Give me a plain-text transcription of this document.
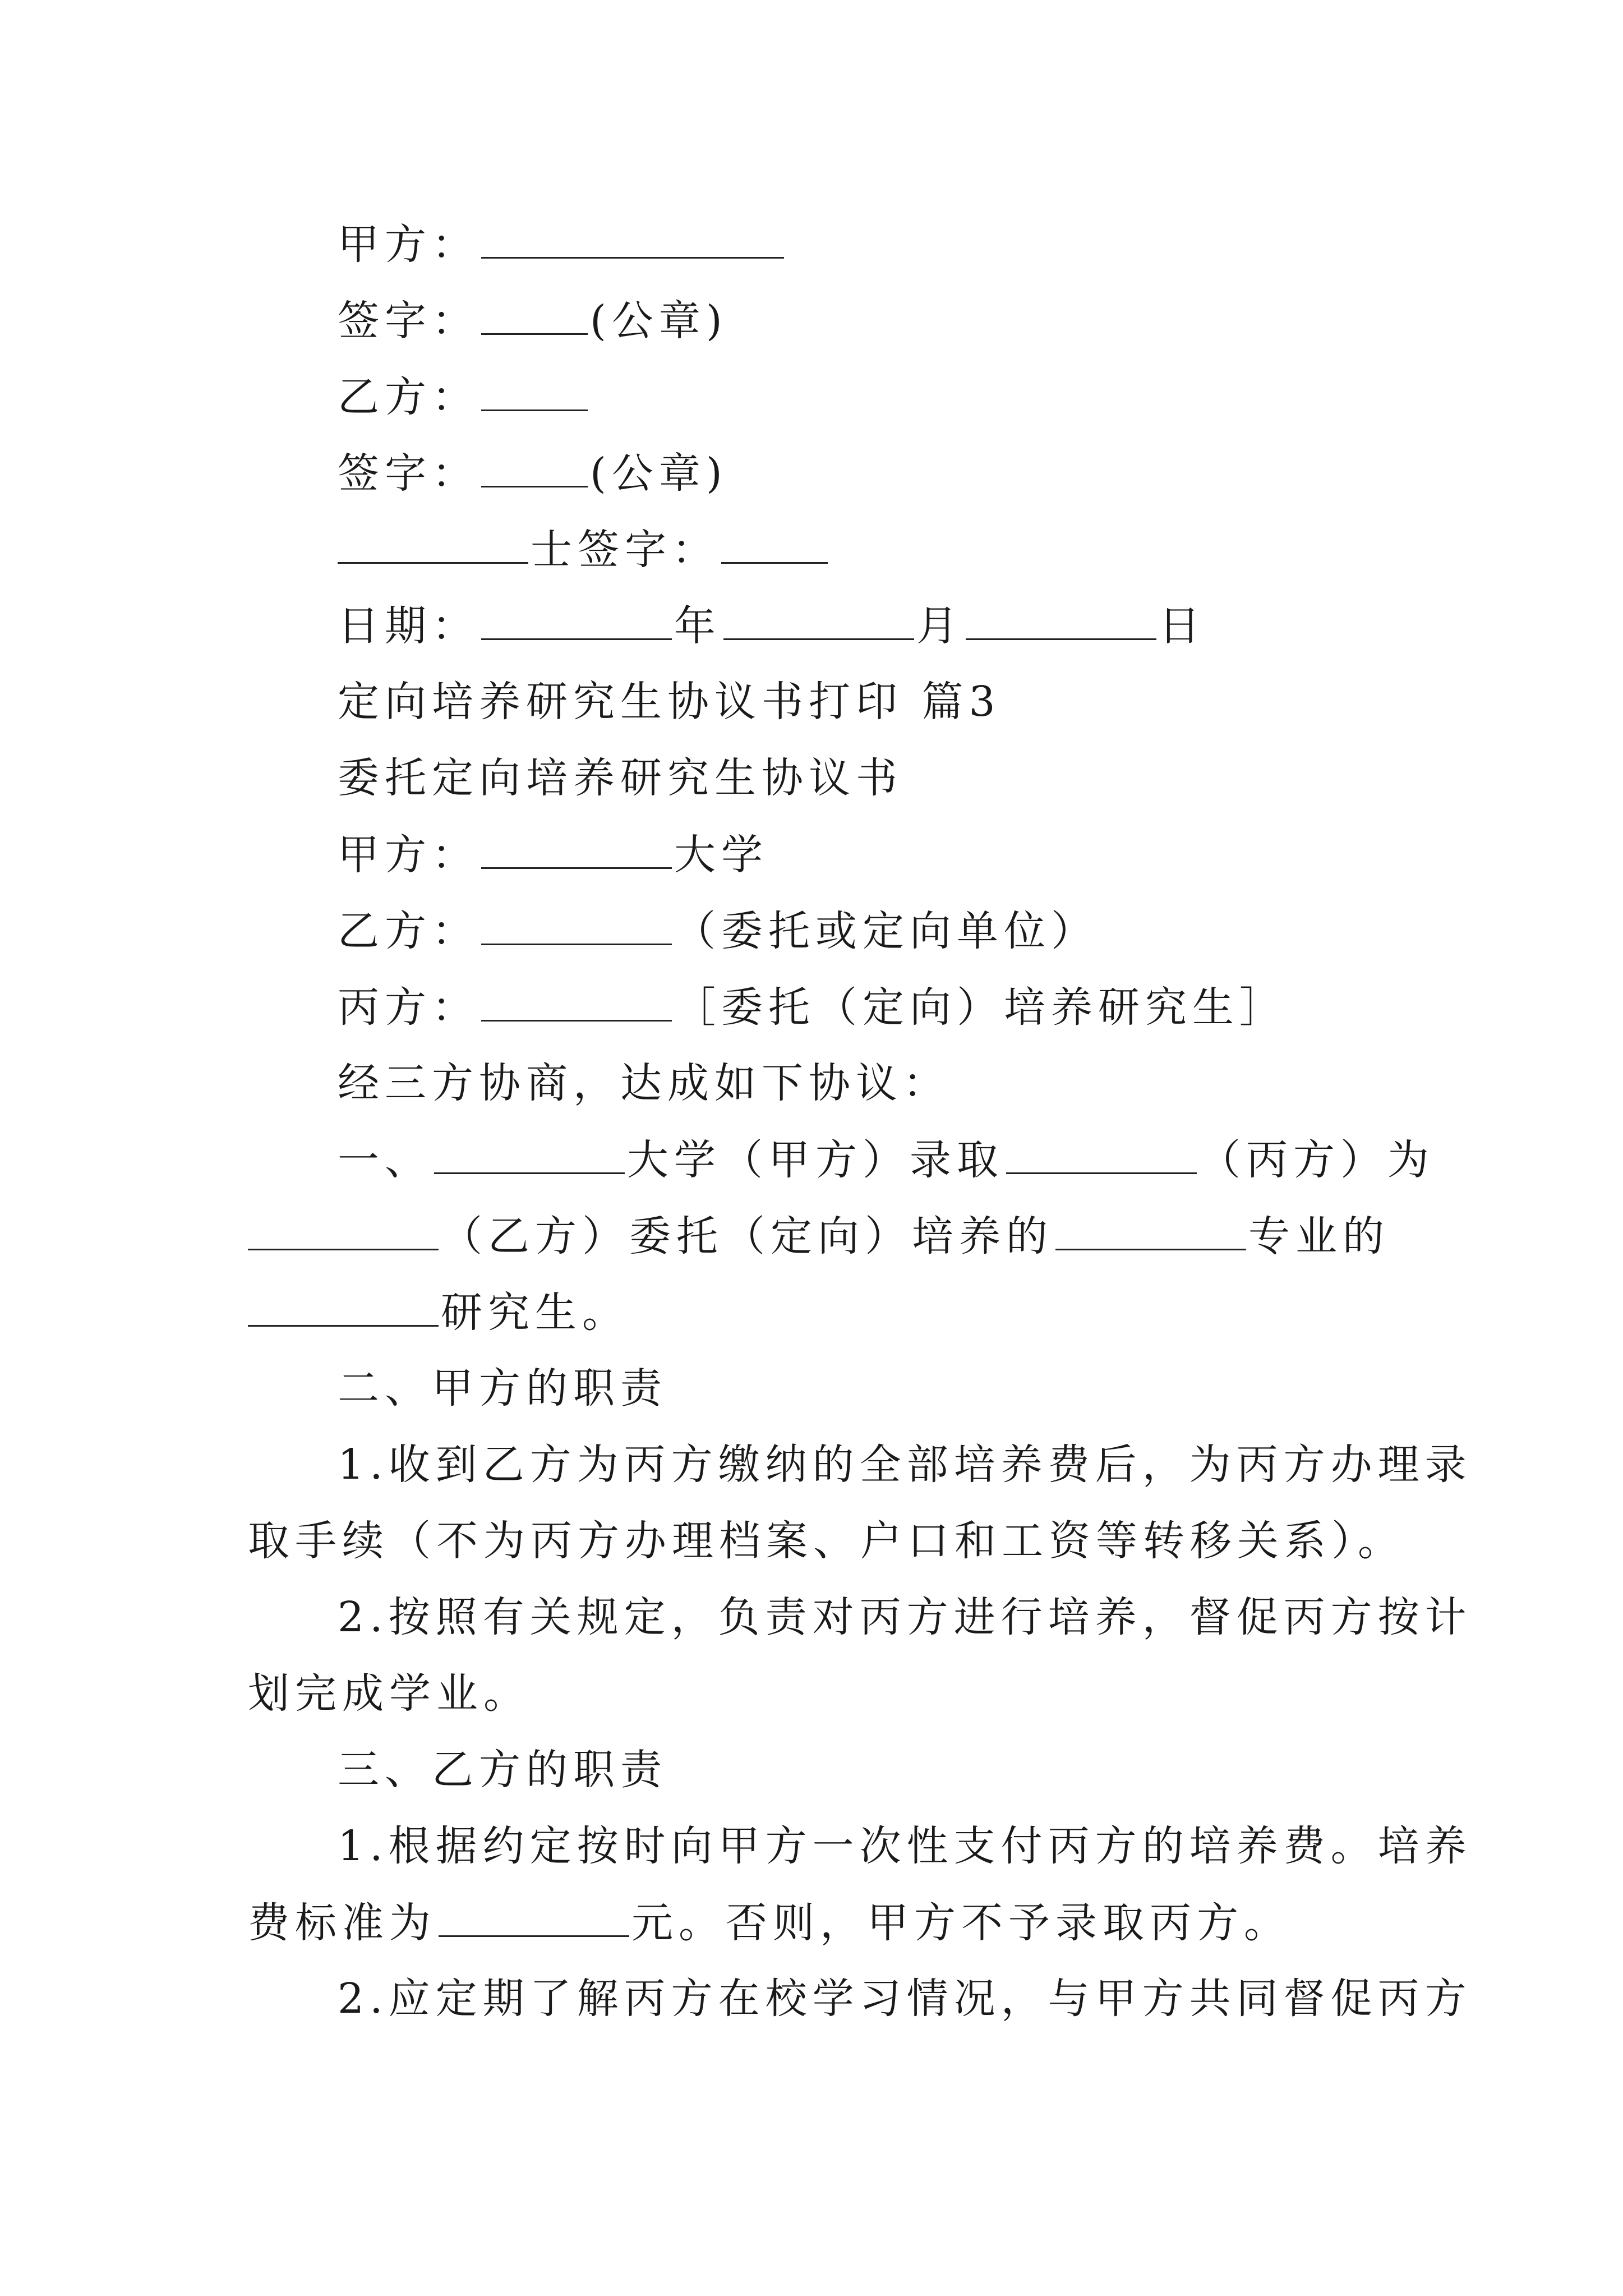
甲方：
签字：	(公章)
乙方：
签字：	(公章)
士签字：
日期：	年	月	日
定向培养研究生协议书打印 篇3
委托定向培养研究生协议书
甲方：	大学
乙方：	（委托或定向单位）
丙方：	［委托（定向）培养研究生］
经三方协商，达成如下协议：
一、	大学（甲方）录取	（丙方）为
（乙方）委托（定向）培养的	专业的
研究生。
二、甲方的职责
1.收到乙方为丙方缴纳的全部培养费后，为丙方办理录
取手续（不为丙方办理档案、户口和工资等转移关系）。
2.按照有关规定，负责对丙方进行培养，督促丙方按计
划完成学业。
三、乙方的职责
1.根据约定按时向甲方一次性支付丙方的培养费。培养
费标准为	元。否则，甲方不予录取丙方。
2.应定期了解丙方在校学习情况，与甲方共同督促丙方
